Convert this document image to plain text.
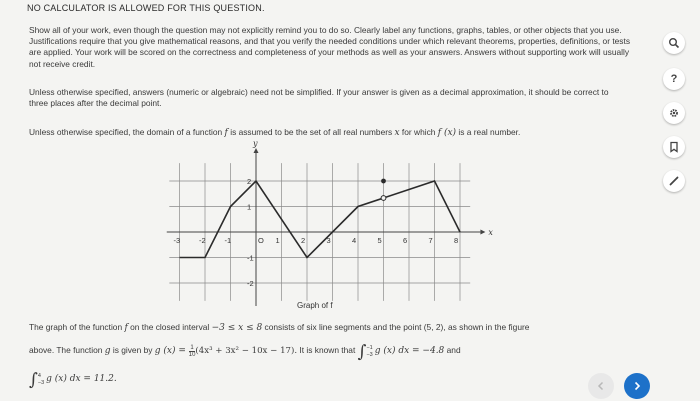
NO CALCULATOR IS ALLOWED FOR THIS QUESTION.

Show all of your work, even though the question may not explicitly remind you to do so. Clearly label any functions, graphs, tables, or other objects that you use. Justifications require that you give mathematical reasons, and that you verify the needed conditions under which relevant theorems, properties, definitions, or tests are applied. Your work will be scored on the correctness and completeness of your methods as well as your answers. Answers without supporting work will usually not receive credit.

Unless otherwise specified, answers (numeric or algebraic) need not be simplified. If your answer is given as a decimal approximation, it should be correct to three places after the decimal point.

Unless otherwise specified, the domain of a function f is assumed to be the set of all real numbers x for which f (x) is a real number.

x
y
-3	-2	-1	O 1	2	3	4	5	6	7	8
2
1
-1
-2

Graph of f

The graph of the function f on the closed interval −3 ≤ x ≤ 8 consists of six line segments and the point (5, 2), as shown in the figure

above. The function g is given by g $(x) = \frac{1}{10} (4x^3 + 3x^2 - 10x - 17)$. It is known that ∫ −1
−3 g (x) dx = −4.8 and

∫ 4
−3 g (x) dx = 11.2.

?
